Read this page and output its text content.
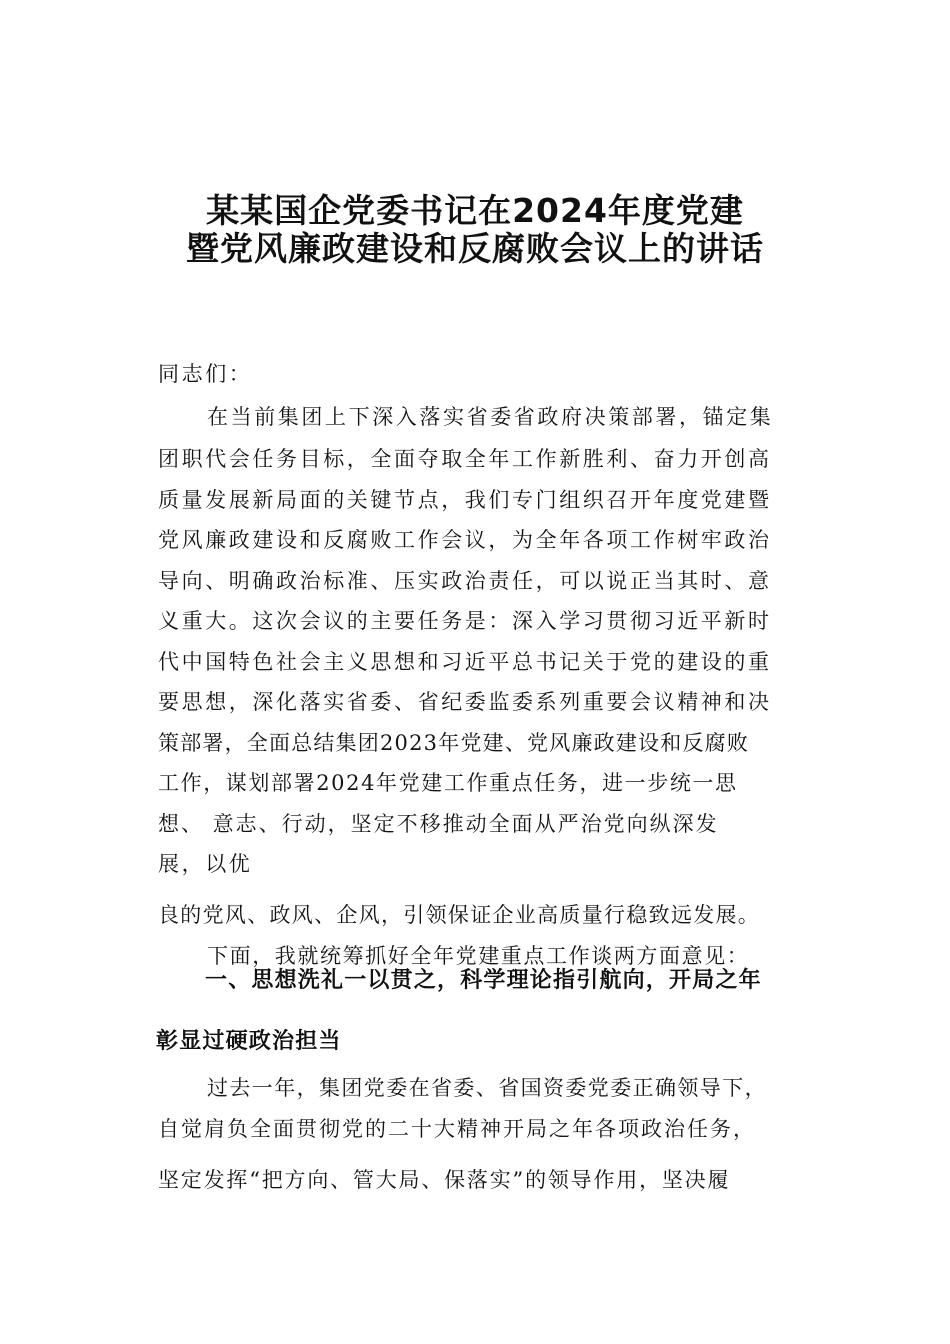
某某国企党委书记在2024年度党建
暨党风廉政建设和反腐败会议上的讲话
同志们：
在当前集团上下深入落实省委省政府决策部署，锚定集
团职代会任务目标，全面夺取全年工作新胜利、奋力开创高
质量发展新局面的关键节点，我们专门组织召开年度党建暨
党风廉政建设和反腐败工作会议，为全年各项工作树牢政治
导向、明确政治标准、压实政治责任，可以说正当其时、意
义重大。这次会议的主要任务是：深入学习贯彻习近平新时
代中国特色社会主义思想和习近平总书记关于党的建设的重
要思想，深化落实省委、省纪委监委系列重要会议精神和决
策部署，全面总结集团2023年党建、党风廉政建设和反腐败
工作，谋划部署2024年党建工作重点任务，进一步统一思
想、 意志、行动，坚定不移推动全面从严治党向纵深发
展，以优
良的党风、政风、企风，引领保证企业高质量行稳致远发展。
下面，我就统筹抓好全年党建重点工作谈两方面意见：
一、思想洗礼一以贯之，科学理论指引航向，开局之年
彰显过硬政治担当
过去一年，集团党委在省委、省国资委党委正确领导下，
自觉肩负全面贯彻党的二十大精神开局之年各项政治任务，
坚定发挥“把方向、管大局、保落实”的领导作用，坚决履
